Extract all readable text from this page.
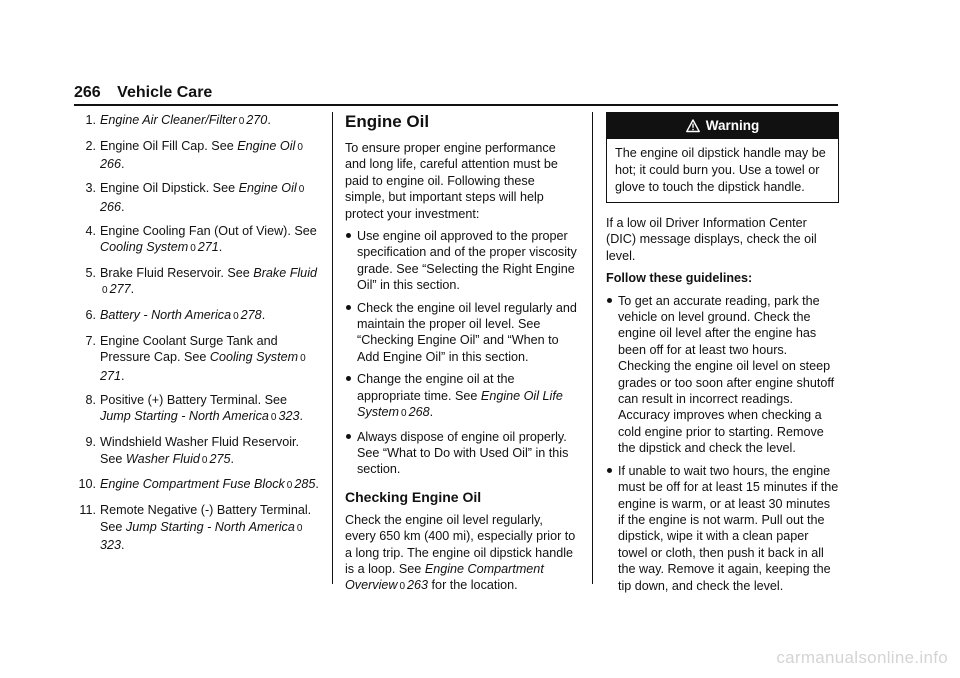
266 Vehicle Care
1. Engine Air Cleaner/Filter 0 270.
2. Engine Oil Fill Cap. See Engine Oil 0266.
3. Engine Oil Dipstick. See Engine Oil 0266.
4. Engine Cooling Fan (Out of View). See Cooling System 0 271.
5. Brake Fluid Reservoir. See Brake Fluid0 277.
6. Battery - North America 0 278.
7. Engine Coolant Surge Tank and Pressure Cap. See Cooling System 0271.
8. Positive (+) Battery Terminal. See Jump Starting - North America 0 323.
9. Windshield Washer Fluid Reservoir. See Washer Fluid 0 275.
10. Engine Compartment Fuse Block 0 285.
11. Remote Negative (-) Battery Terminal. See Jump Starting - North America 0323.
Engine Oil

To ensure proper engine performance and long life, careful attention must be paid to engine oil. Following these simple, but important steps will help protect your investment:

Use engine oil approved to the proper specification and of the proper viscosity grade. See “Selecting the Right Engine Oil” in this section.
Check the engine oil level regularly and maintain the proper oil level. See “Checking Engine Oil” and “When to Add Engine Oil” in this section.
Change the engine oil at the appropriate time. See Engine Oil Life System 0 268.
Always dispose of engine oil properly. See “What to Do with Used Oil” in this section.
Checking Engine Oil

Check the engine oil level regularly, every 650 km (400 mi), especially prior to a long trip. The engine oil dipstick handle is a loop. See Engine Compartment Overview 0 263 for the location.

Warning
The engine oil dipstick handle may be hot; it could burn you. Use a towel or glove to touch the dipstick handle.

If a low oil Driver Information Center (DIC) message displays, check the oil level.

Follow these guidelines:

To get an accurate reading, park the vehicle on level ground. Check the engine oil level after the engine has been off for at least two hours. Checking the engine oil level on steep grades or too soon after engine shutoff can result in incorrect readings. Accuracy improves when checking a cold engine prior to starting. Remove the dipstick and check the level.
If unable to wait two hours, the engine must be off for at least 15 minutes if the engine is warm, or at least 30 minutes if the engine is not warm. Pull out the dipstick, wipe it with a clean paper towel or cloth, then push it back in all the way. Remove it again, keeping the tip down, and check the level.
carmanualsonline.info
